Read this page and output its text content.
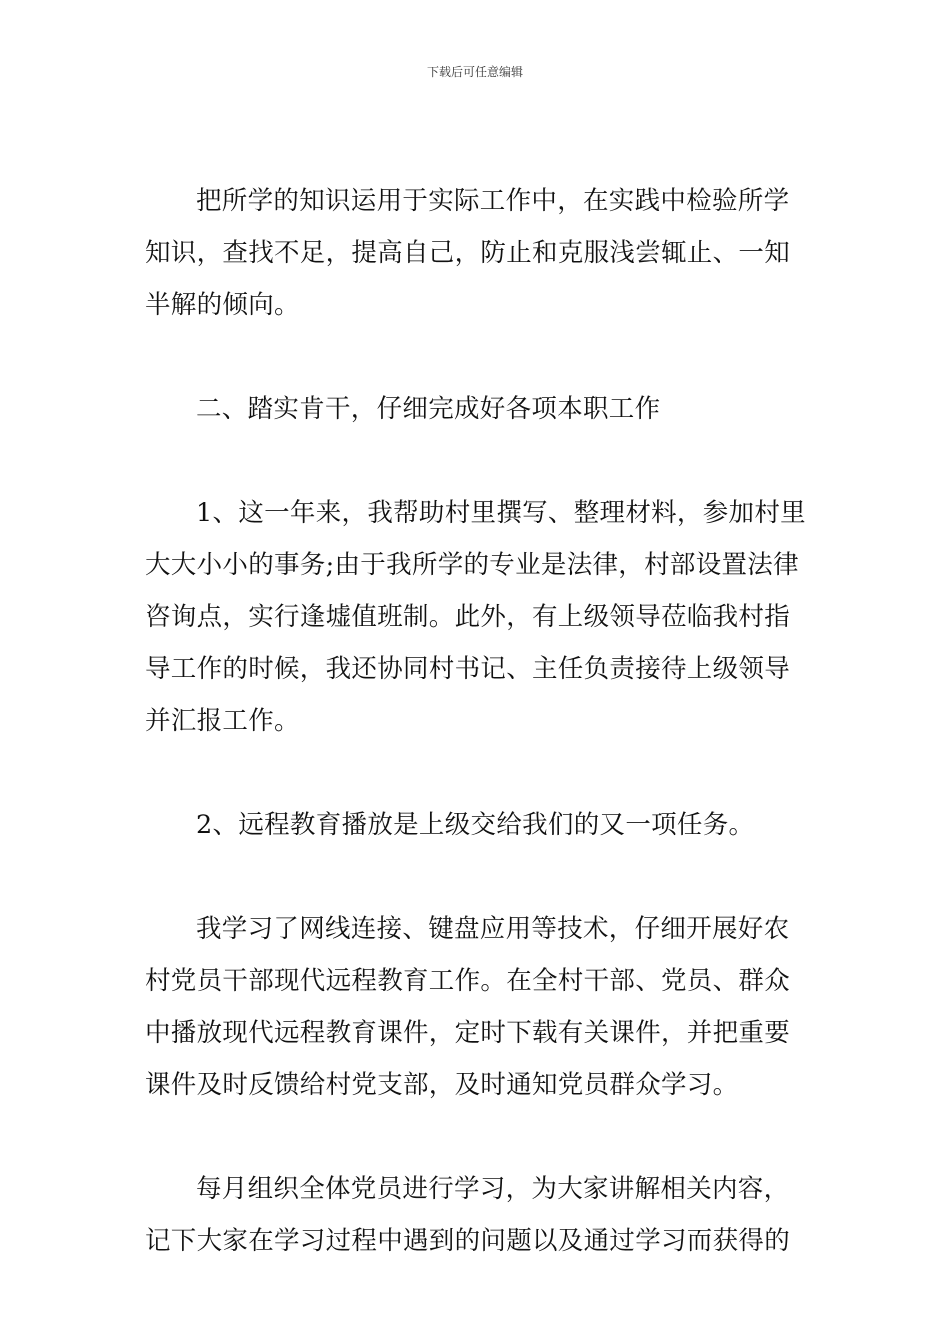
下载后可任意编辑

把所学的知识运用于实际工作中，在实践中检验所学
知识，查找不足，提高自己，防止和克服浅尝辄止、一知
半解的倾向。

二、踏实肯干，仔细完成好各项本职工作

1、这一年来，我帮助村里撰写、整理材料，参加村里
大大小小的事务;由于我所学的专业是法律，村部设置法律
咨询点，实行逢墟值班制。此外，有上级领导莅临我村指
导工作的时候，我还协同村书记、主任负责接待上级领导
并汇报工作。

2、远程教育播放是上级交给我们的又一项任务。

我学习了网线连接、键盘应用等技术，仔细开展好农
村党员干部现代远程教育工作。在全村干部、党员、群众
中播放现代远程教育课件，定时下载有关课件，并把重要
课件及时反馈给村党支部，及时通知党员群众学习。

每月组织全体党员进行学习，为大家讲解相关内容，
记下大家在学习过程中遇到的问题以及通过学习而获得的
